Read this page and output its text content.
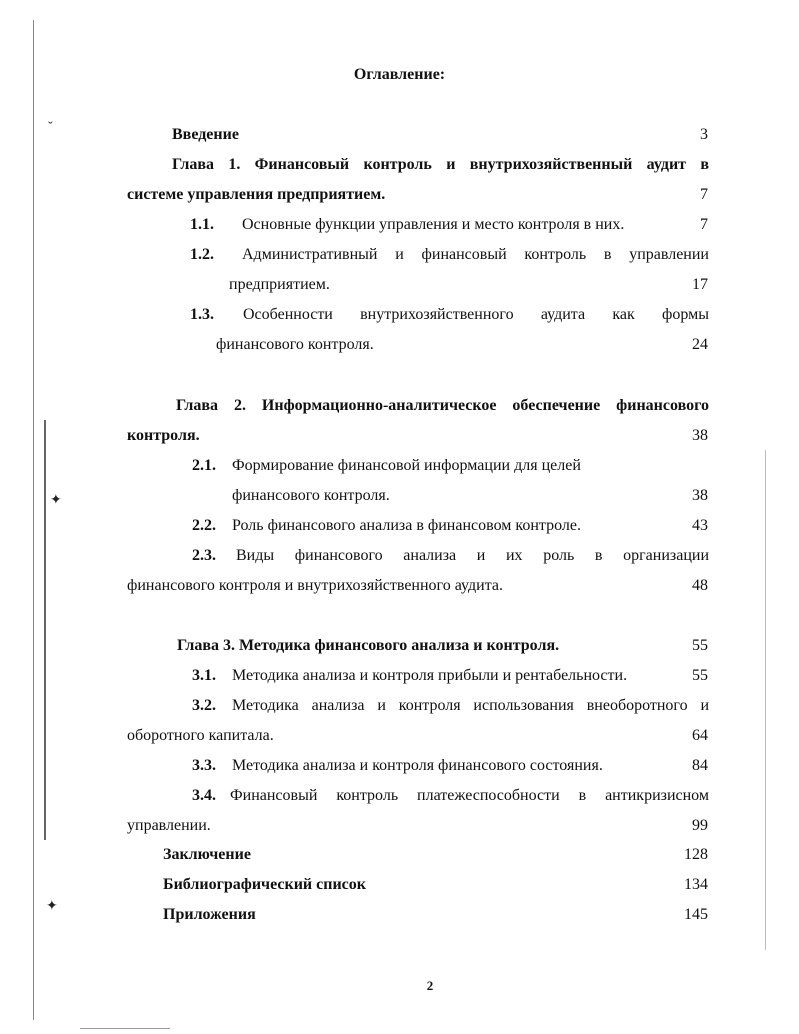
ˇ
✦
✦
Оглавление:
Введение	3
Глава 1. Финансовый контроль и внутрихозяйственный аудит в
системе управления предприятием.	7
1.1. Основные функции управления и место контроля в них.	7
1.2.	Административный и финансовый контроль в управлении
предприятием.	17
1.3.	Особенности внутрихозяйственного аудита как формы
финансового контроля.	24
Глава 2. Информационно-аналитическое обеспечение финансового
контроля.	38
2.1. Формирование финансовой информации для целей
финансового контроля.	38
2.2. Роль финансового анализа в финансовом контроле.	43
2.3.	Виды финансового анализа и их роль в организации
финансового контроля и внутрихозяйственного аудита.	48
Глава 3. Методика финансового анализа и контроля.	55
3.1. Методика анализа и контроля прибыли и рентабельности.	55
3.2.	Методика анализа и контроля использования внеоборотного и
оборотного капитала.	64
3.3. Методика анализа и контроля финансового состояния.	84
3.4. Финансовый контроль платежеспособности в антикризисном
управлении.	99
Заключение	128
Библиографический список	134
Приложения	145
2
